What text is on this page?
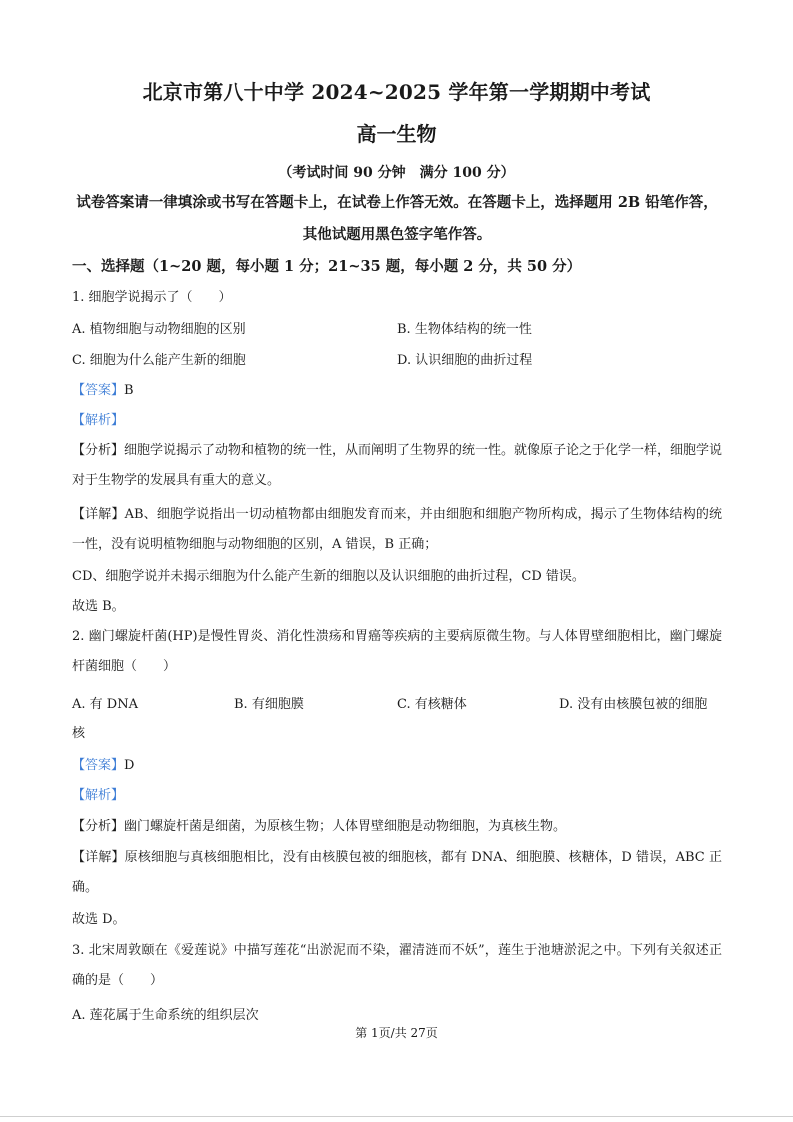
北京市第八十中学 2024~2025 学年第一学期期中考试
高一生物
（考试时间 90 分钟　满分 100 分）
试卷答案请一律填涂或书写在答题卡上，在试卷上作答无效。在答题卡上，选择题用 2B 铅笔作答，其他试题用黑色签字笔作答。
一、选择题（1~20 题，每小题 1 分；21~35 题，每小题 2 分，共 50 分）
1. 细胞学说揭示了（　　）
A. 植物细胞与动物细胞的区别	B. 生物体结构的统一性
C. 细胞为什么能产生新的细胞	D. 认识细胞的曲折过程
【答案】B
【解析】
【分析】细胞学说揭示了动物和植物的统一性，从而阐明了生物界的统一性。就像原子论之于化学一样，细胞学说对于生物学的发展具有重大的意义。
【详解】AB、细胞学说指出一切动植物都由细胞发育而来，并由细胞和细胞产物所构成，揭示了生物体结构的统一性，没有说明植物细胞与动物细胞的区别，A 错误，B 正确；
CD、细胞学说并未揭示细胞为什么能产生新的细胞以及认识细胞的曲折过程，CD 错误。
故选 B。
2. 幽门螺旋杆菌(HP)是慢性胃炎、消化性溃疡和胃癌等疾病的主要病原微生物。与人体胃壁细胞相比，幽门螺旋杆菌细胞（　　）
A. 有 DNA	B. 有细胞膜	C. 有核糖体	D. 没有由核膜包被的细胞
核
【答案】D
【解析】
【分析】幽门螺旋杆菌是细菌，为原核生物；人体胃壁细胞是动物细胞，为真核生物。
【详解】原核细胞与真核细胞相比，没有由核膜包被的细胞核，都有 DNA、细胞膜、核糖体，D 错误，ABC 正确。
故选 D。
3. 北宋周敦颐在《爱莲说》中描写莲花“出淤泥而不染，濯清涟而不妖”，莲生于池塘淤泥之中。下列有关叙述正确的是（　　）
A. 莲花属于生命系统的组织层次
第 1页/共 27页
